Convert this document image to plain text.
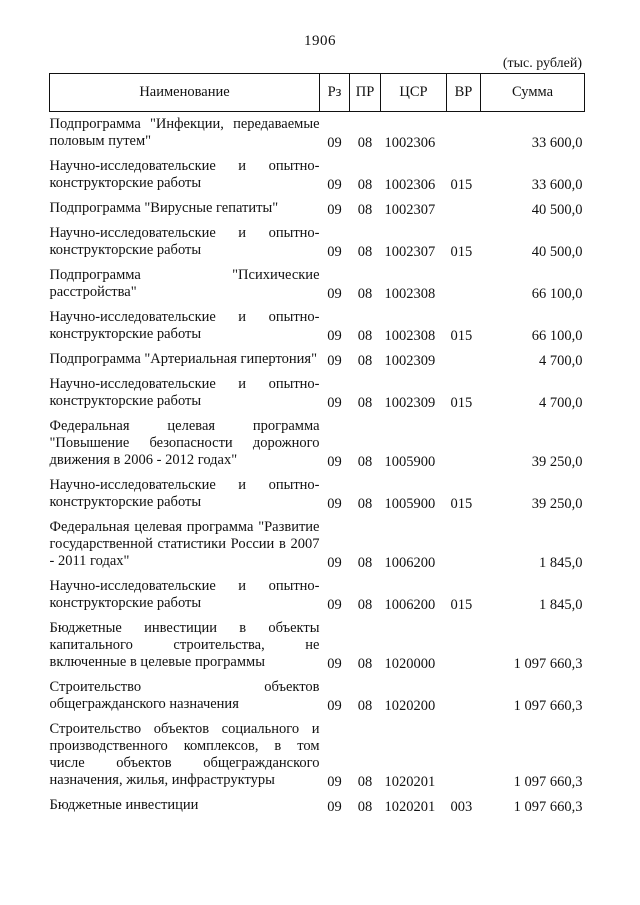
1906
(тыс. рублей)
Наименование	Рз	ПР	ЦСР	ВР	Сумма
Подпрограмма "Инфекции, передаваемые половым путем"	09	08	1002306		33 600,0
Научно-исследовательские и опытно-конструкторские работы	09	08	1002306	015	33 600,0
Подпрограмма "Вирусные гепатиты"	09	08	1002307		40 500,0
Научно-исследовательские и опытно-конструкторские работы	09	08	1002307	015	40 500,0
Подпрограмма "Психические расстройства"	09	08	1002308		66 100,0
Научно-исследовательские и опытно-конструкторские работы	09	08	1002308	015	66 100,0
Подпрограмма "Артериальная гипертония"	09	08	1002309		4 700,0
Научно-исследовательские и опытно-конструкторские работы	09	08	1002309	015	4 700,0
Федеральная целевая программа "Повышение безопасности дорожного движения в 2006 - 2012 годах"	09	08	1005900		39 250,0
Научно-исследовательские и опытно-конструкторские работы	09	08	1005900	015	39 250,0
Федеральная целевая программа "Развитие государственной статистики России в 2007 - 2011 годах"	09	08	1006200		1 845,0
Научно-исследовательские и опытно-конструкторские работы	09	08	1006200	015	1 845,0
Бюджетные инвестиции в объекты капитального строительства, не включенные в целевые программы	09	08	1020000		1 097 660,3
Строительство объектов общегражданского назначения	09	08	1020200		1 097 660,3
Строительство объектов социального и производственного комплексов, в том числе объектов общегражданского назначения, жилья, инфраструктуры	09	08	1020201		1 097 660,3
Бюджетные инвестиции	09	08	1020201	003	1 097 660,3
